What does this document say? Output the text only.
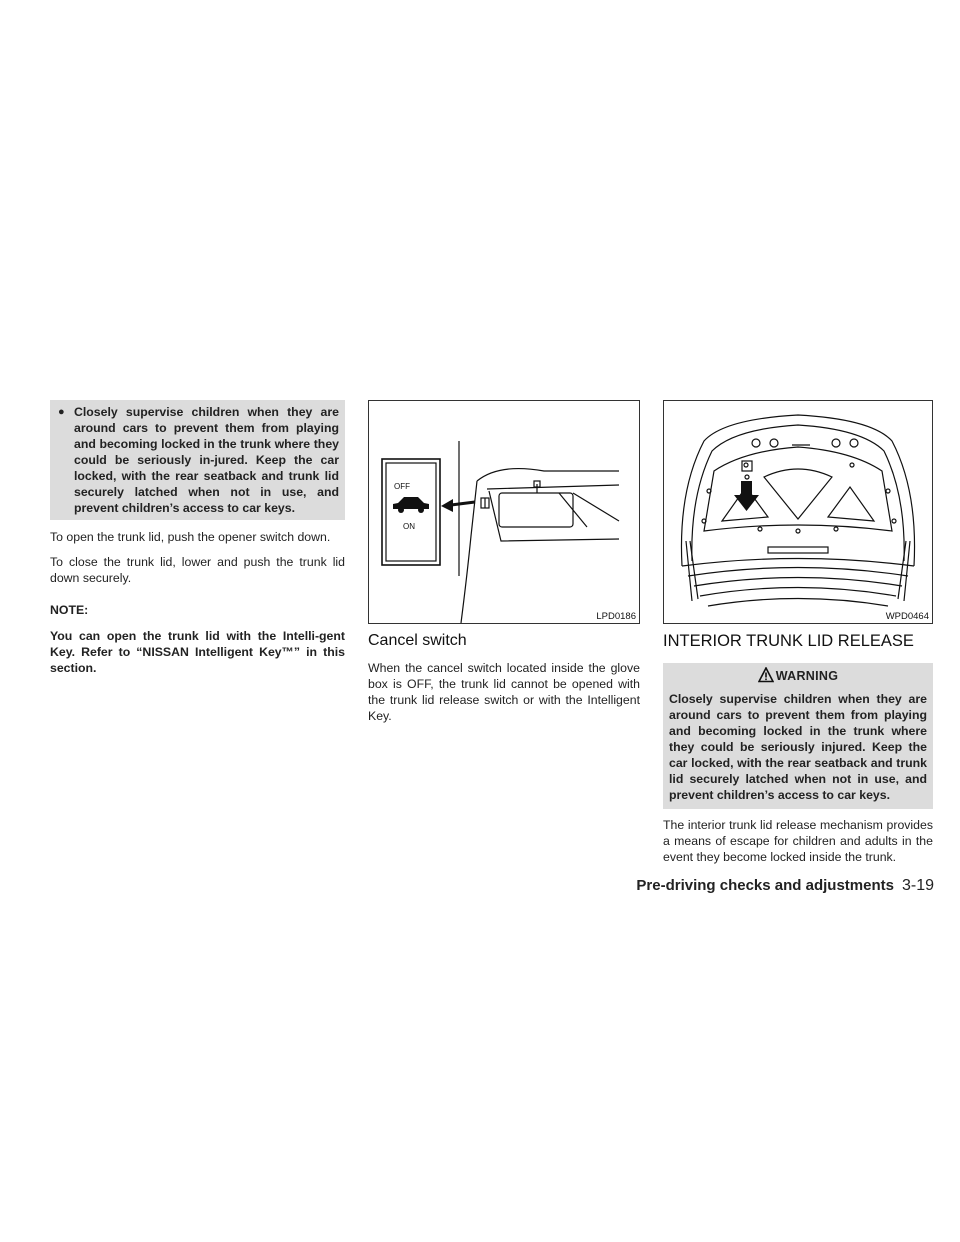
● Closely supervise children when they are around cars to prevent them from playing and becoming locked in the trunk where they could be seriously in-jured. Keep the car locked, with the rear seatback and trunk lid securely latched when not in use, and prevent children’s access to car keys.

To open the trunk lid, push the opener switch down.

To close the trunk lid, lower and push the trunk lid down securely.

NOTE:

You can open the trunk lid with the Intelli-gent Key. Refer to “NISSAN Intelligent Key™” in this section.

OFF
ON
LPD0186
Cancel switch

When the cancel switch located inside the glove box is OFF, the trunk lid cannot be opened with the trunk lid release switch or with the Intelligent Key.

WPD0464
INTERIOR TRUNK LID RELEASE
WARNING
Closely supervise children when they are around cars to prevent them from playing and becoming locked in the trunk where they could be seriously injured. Keep the car locked, with the rear seatback and trunk lid securely latched when not in use, and prevent children’s access to car keys.

The interior trunk lid release mechanism provides a means of escape for children and adults in the event they become locked inside the trunk.

Pre-driving checks and adjustments 3-19
